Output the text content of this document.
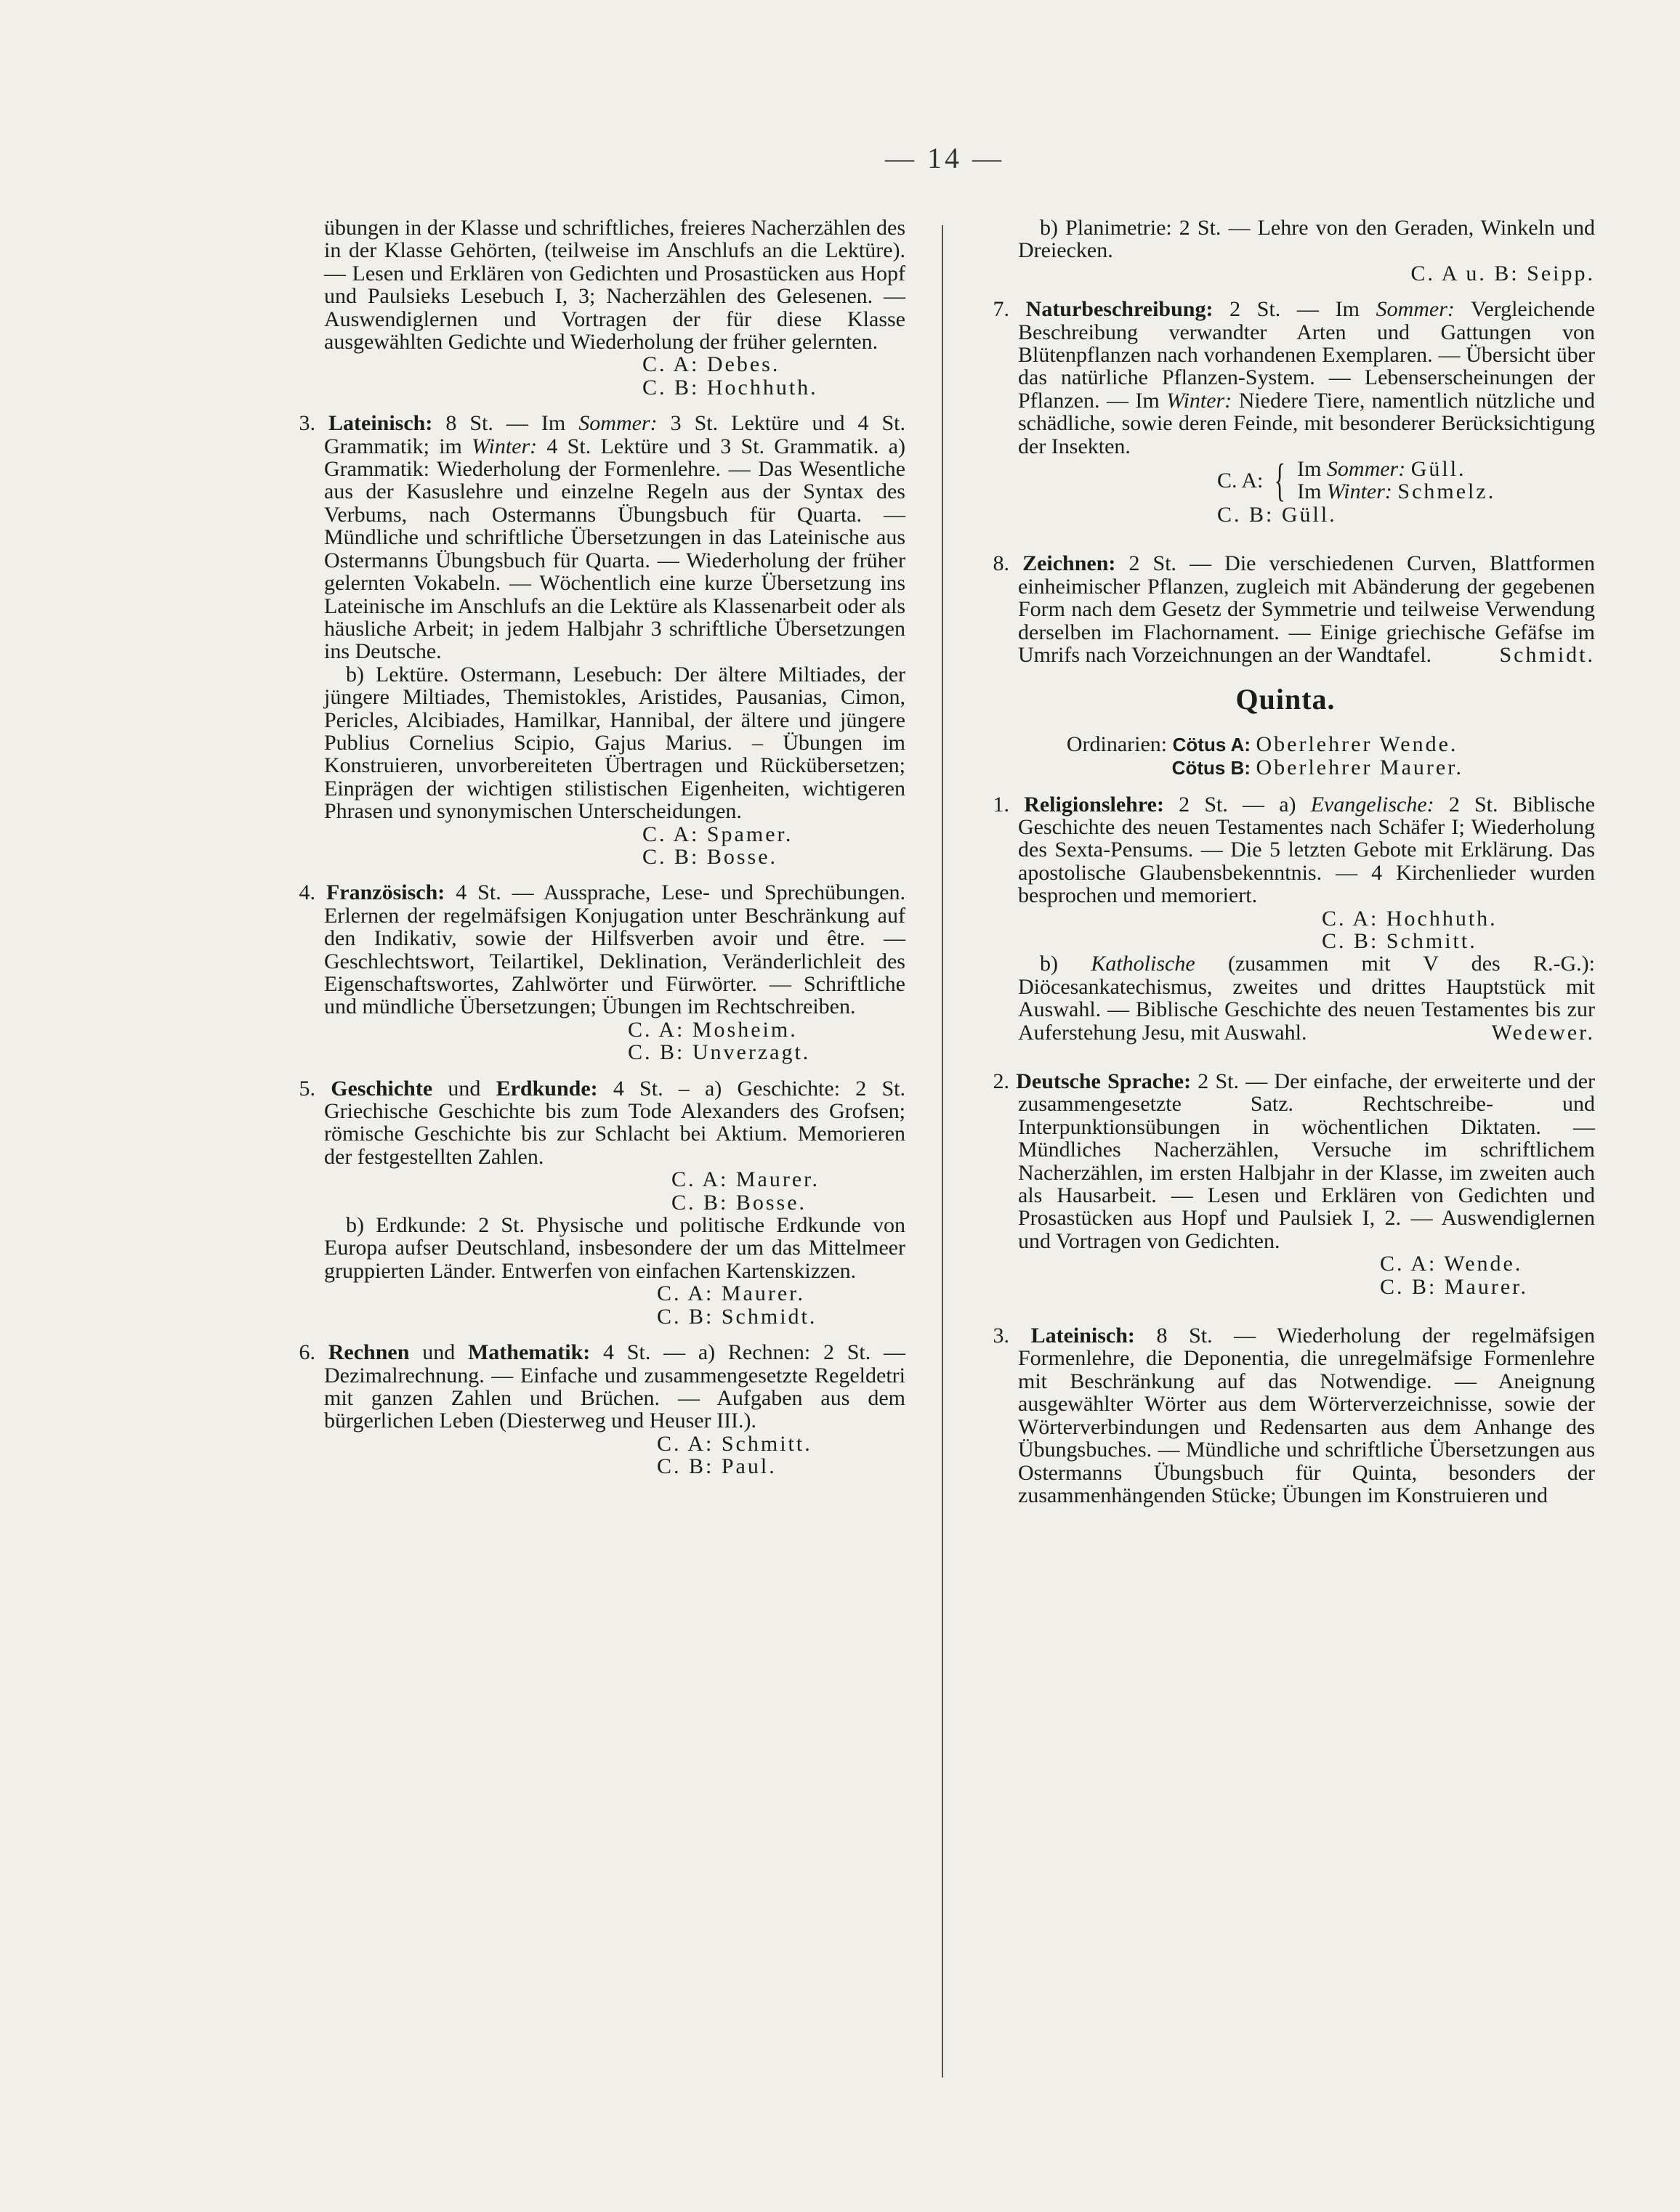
— 14 —

übungen in der Klasse und schriftliches, freieres Nacherzählen des in der Klasse Gehörten, (teilweise im Anschlufs an die Lektüre). — Lesen und Erklären von Gedichten und Prosastücken aus Hopf und Paulsieks Lesebuch I, 3; Nacherzählen des Gelesenen. — Auswendiglernen und Vortragen der für diese Klasse ausgewählten Gedichte und Wiederholung der früher gelernten.

C. A: Debes.

C. B: Hochhuth.

3. Lateinisch: 8 St. — Im Sommer: 3 St. Lektüre und 4 St. Grammatik; im Winter: 4 St. Lektüre und 3 St. Grammatik. a) Grammatik: Wiederholung der Formenlehre. — Das Wesentliche aus der Kasuslehre und einzelne Regeln aus der Syntax des Verbums, nach Ostermanns Übungsbuch für Quarta. — Mündliche und schriftliche Übersetzungen in das Lateinische aus Ostermanns Übungsbuch für Quarta. — Wiederholung der früher gelernten Vokabeln. — Wöchentlich eine kurze Übersetzung ins Lateinische im Anschlufs an die Lektüre als Klassenarbeit oder als häusliche Arbeit; in jedem Halbjahr 3 schriftliche Übersetzungen ins Deutsche.

b) Lektüre. Ostermann, Lesebuch: Der ältere Miltiades, der jüngere Miltiades, Themistokles, Aristides, Pausanias, Cimon, Pericles, Alcibiades, Hamilkar, Hannibal, der ältere und jüngere Publius Cornelius Scipio, Gajus Marius. – Übungen im Konstruieren, unvorbereiteten Übertragen und Rückübersetzen; Einprägen der wichtigen stilistischen Eigenheiten, wichtigeren Phrasen und synonymischen Unterscheidungen.

C. A: Spamer.

C. B: Bosse.

4. Französisch: 4 St. — Aussprache, Lese- und Sprechübungen. Erlernen der regelmäfsigen Konjugation unter Beschränkung auf den Indikativ, sowie der Hilfsverben avoir und être. — Geschlechtswort, Teilartikel, Deklination, Veränderlichleit des Eigenschaftswortes, Zahlwörter und Fürwörter. — Schriftliche und mündliche Übersetzungen; Übungen im Rechtschreiben.

C. A: Mosheim.

C. B: Unverzagt.

5. Geschichte und Erdkunde: 4 St. – a) Geschichte: 2 St. Griechische Geschichte bis zum Tode Alexanders des Grofsen; römische Geschichte bis zur Schlacht bei Aktium. Memorieren der festgestellten Zahlen.

C. A: Maurer.

C. B: Bosse.

b) Erdkunde: 2 St. Physische und politische Erdkunde von Europa aufser Deutschland, insbesondere der um das Mittelmeer gruppierten Länder. Entwerfen von einfachen Kartenskizzen.

C. A: Maurer.

C. B: Schmidt.

6. Rechnen und Mathematik: 4 St. — a) Rechnen: 2 St. — Dezimalrechnung. — Einfache und zusammengesetzte Regeldetri mit ganzen Zahlen und Brüchen. — Aufgaben aus dem bürgerlichen Leben (Diesterweg und Heuser III.).

C. A: Schmitt.

C. B: Paul.

b) Planimetrie: 2 St. — Lehre von den Geraden, Winkeln und Dreiecken.

C. A u. B: Seipp.

7. Naturbeschreibung: 2 St. — Im Sommer: Vergleichende Beschreibung verwandter Arten und Gattungen von Blütenpflanzen nach vorhandenen Exemplaren. — Übersicht über das natürliche Pflanzen-System. — Lebenserscheinungen der Pflanzen. — Im Winter: Niedere Tiere, namentlich nützliche und schädliche, sowie deren Feinde, mit besonderer Berücksichtigung der Insekten.

C. A: { Im Sommer: Güll.
Im Winter: Schmelz.

C. B: Güll.

8. Zeichnen: 2 St. — Die verschiedenen Curven, Blattformen einheimischer Pflanzen, zugleich mit Abänderung der gegebenen Form nach dem Gesetz der Symmetrie und teilweise Verwendung derselben im Flachornament. — Einige griechische Gefäfse im Umrifs nach Vorzeichnungen an der Wandtafel.	Schmidt.

Quinta.

Ordinarien: Cötus A: Oberlehrer Wende.

Cötus B: Oberlehrer Maurer.

1. Religionslehre: 2 St. — a) Evangelische: 2 St. Biblische Geschichte des neuen Testamentes nach Schäfer I; Wiederholung des Sexta-Pensums. — Die 5 letzten Gebote mit Erklärung. Das apostolische Glaubensbekenntnis. — 4 Kirchenlieder wurden besprochen und memoriert.

C. A: Hochhuth.

C. B: Schmitt.

b) Katholische (zusammen mit V des R.-G.): Diöcesankatechismus, zweites und drittes Hauptstück mit Auswahl. — Biblische Geschichte des neuen Testamentes bis zur Auferstehung Jesu, mit Auswahl.	Wedewer.

2. Deutsche Sprache: 2 St. — Der einfache, der erweiterte und der zusammengesetzte Satz. Rechtschreibe- und Interpunktionsübungen in wöchentlichen Diktaten. — Mündliches Nacherzählen, Versuche im schriftlichem Nacherzählen, im ersten Halbjahr in der Klasse, im zweiten auch als Hausarbeit. — Lesen und Erklären von Gedichten und Prosastücken aus Hopf und Paulsiek I, 2. — Auswendiglernen und Vortragen von Gedichten.

C. A: Wende.

C. B: Maurer.

3. Lateinisch: 8 St. — Wiederholung der regelmäfsigen Formenlehre, die Deponentia, die unregelmäfsige Formenlehre mit Beschränkung auf das Notwendige. — Aneignung ausgewählter Wörter aus dem Wörterverzeichnisse, sowie der Wörterverbindungen und Redensarten aus dem Anhange des Übungsbuches. — Mündliche und schriftliche Übersetzungen aus Ostermanns Übungsbuch für Quinta, besonders der zusammenhängenden Stücke; Übungen im Konstruieren und
